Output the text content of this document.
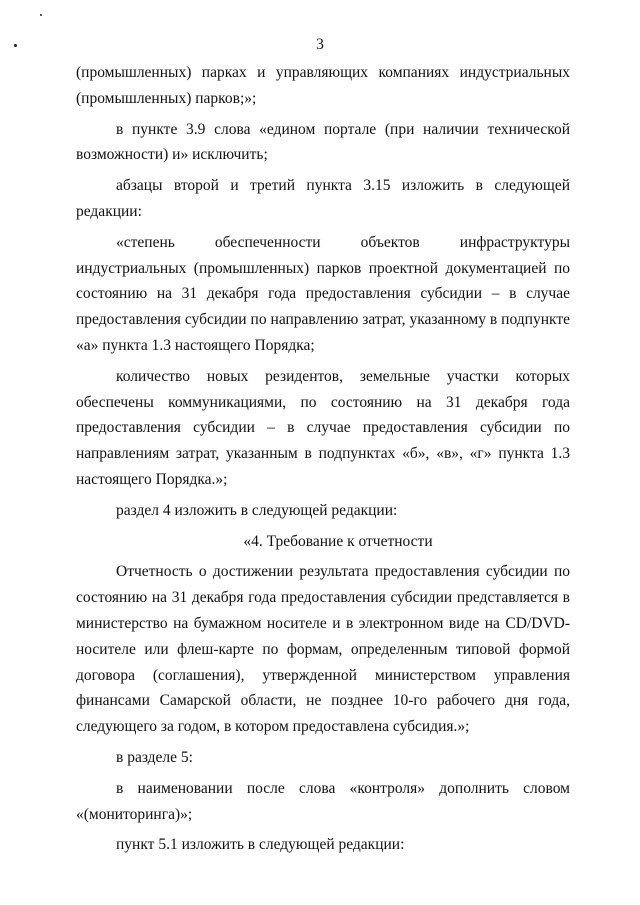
3

(промышленных) парках и управляющих компаниях индустриальных (промышленных) парков;»;

в пункте 3.9 слова «едином портале (при наличии технической возможности) и» исключить;

абзацы второй и третий пункта 3.15 изложить в следующей редакции:

«степень обеспеченности объектов инфраструктуры индустриальных (промышленных) парков проектной документацией по состоянию на 31 декабря года предоставления субсидии – в случае предоставления субсидии по направлению затрат, указанному в подпункте «а» пункта 1.3 настоящего Порядка;

количество новых резидентов, земельные участки которых обеспечены коммуникациями, по состоянию на 31 декабря года предоставления субсидии – в случае предоставления субсидии по направлениям затрат, указанным в подпунктах «б», «в», «г» пункта 1.3 настоящего Порядка.»;

раздел 4 изложить в следующей редакции:

«4. Требование к отчетности

Отчетность о достижении результата предоставления субсидии по состоянию на 31 декабря года предоставления субсидии представляется в министерство на бумажном носителе и в электронном виде на CD/DVD-носителе или флеш-карте по формам, определенным типовой формой договора (соглашения), утвержденной министерством управления финансами Самарской области, не позднее 10-го рабочего дня года, следующего за годом, в котором предоставлена субсидия.»;

в разделе 5:

в наименовании после слова «контроля» дополнить словом «(мониторинга)»;

пункт 5.1 изложить в следующей редакции:
